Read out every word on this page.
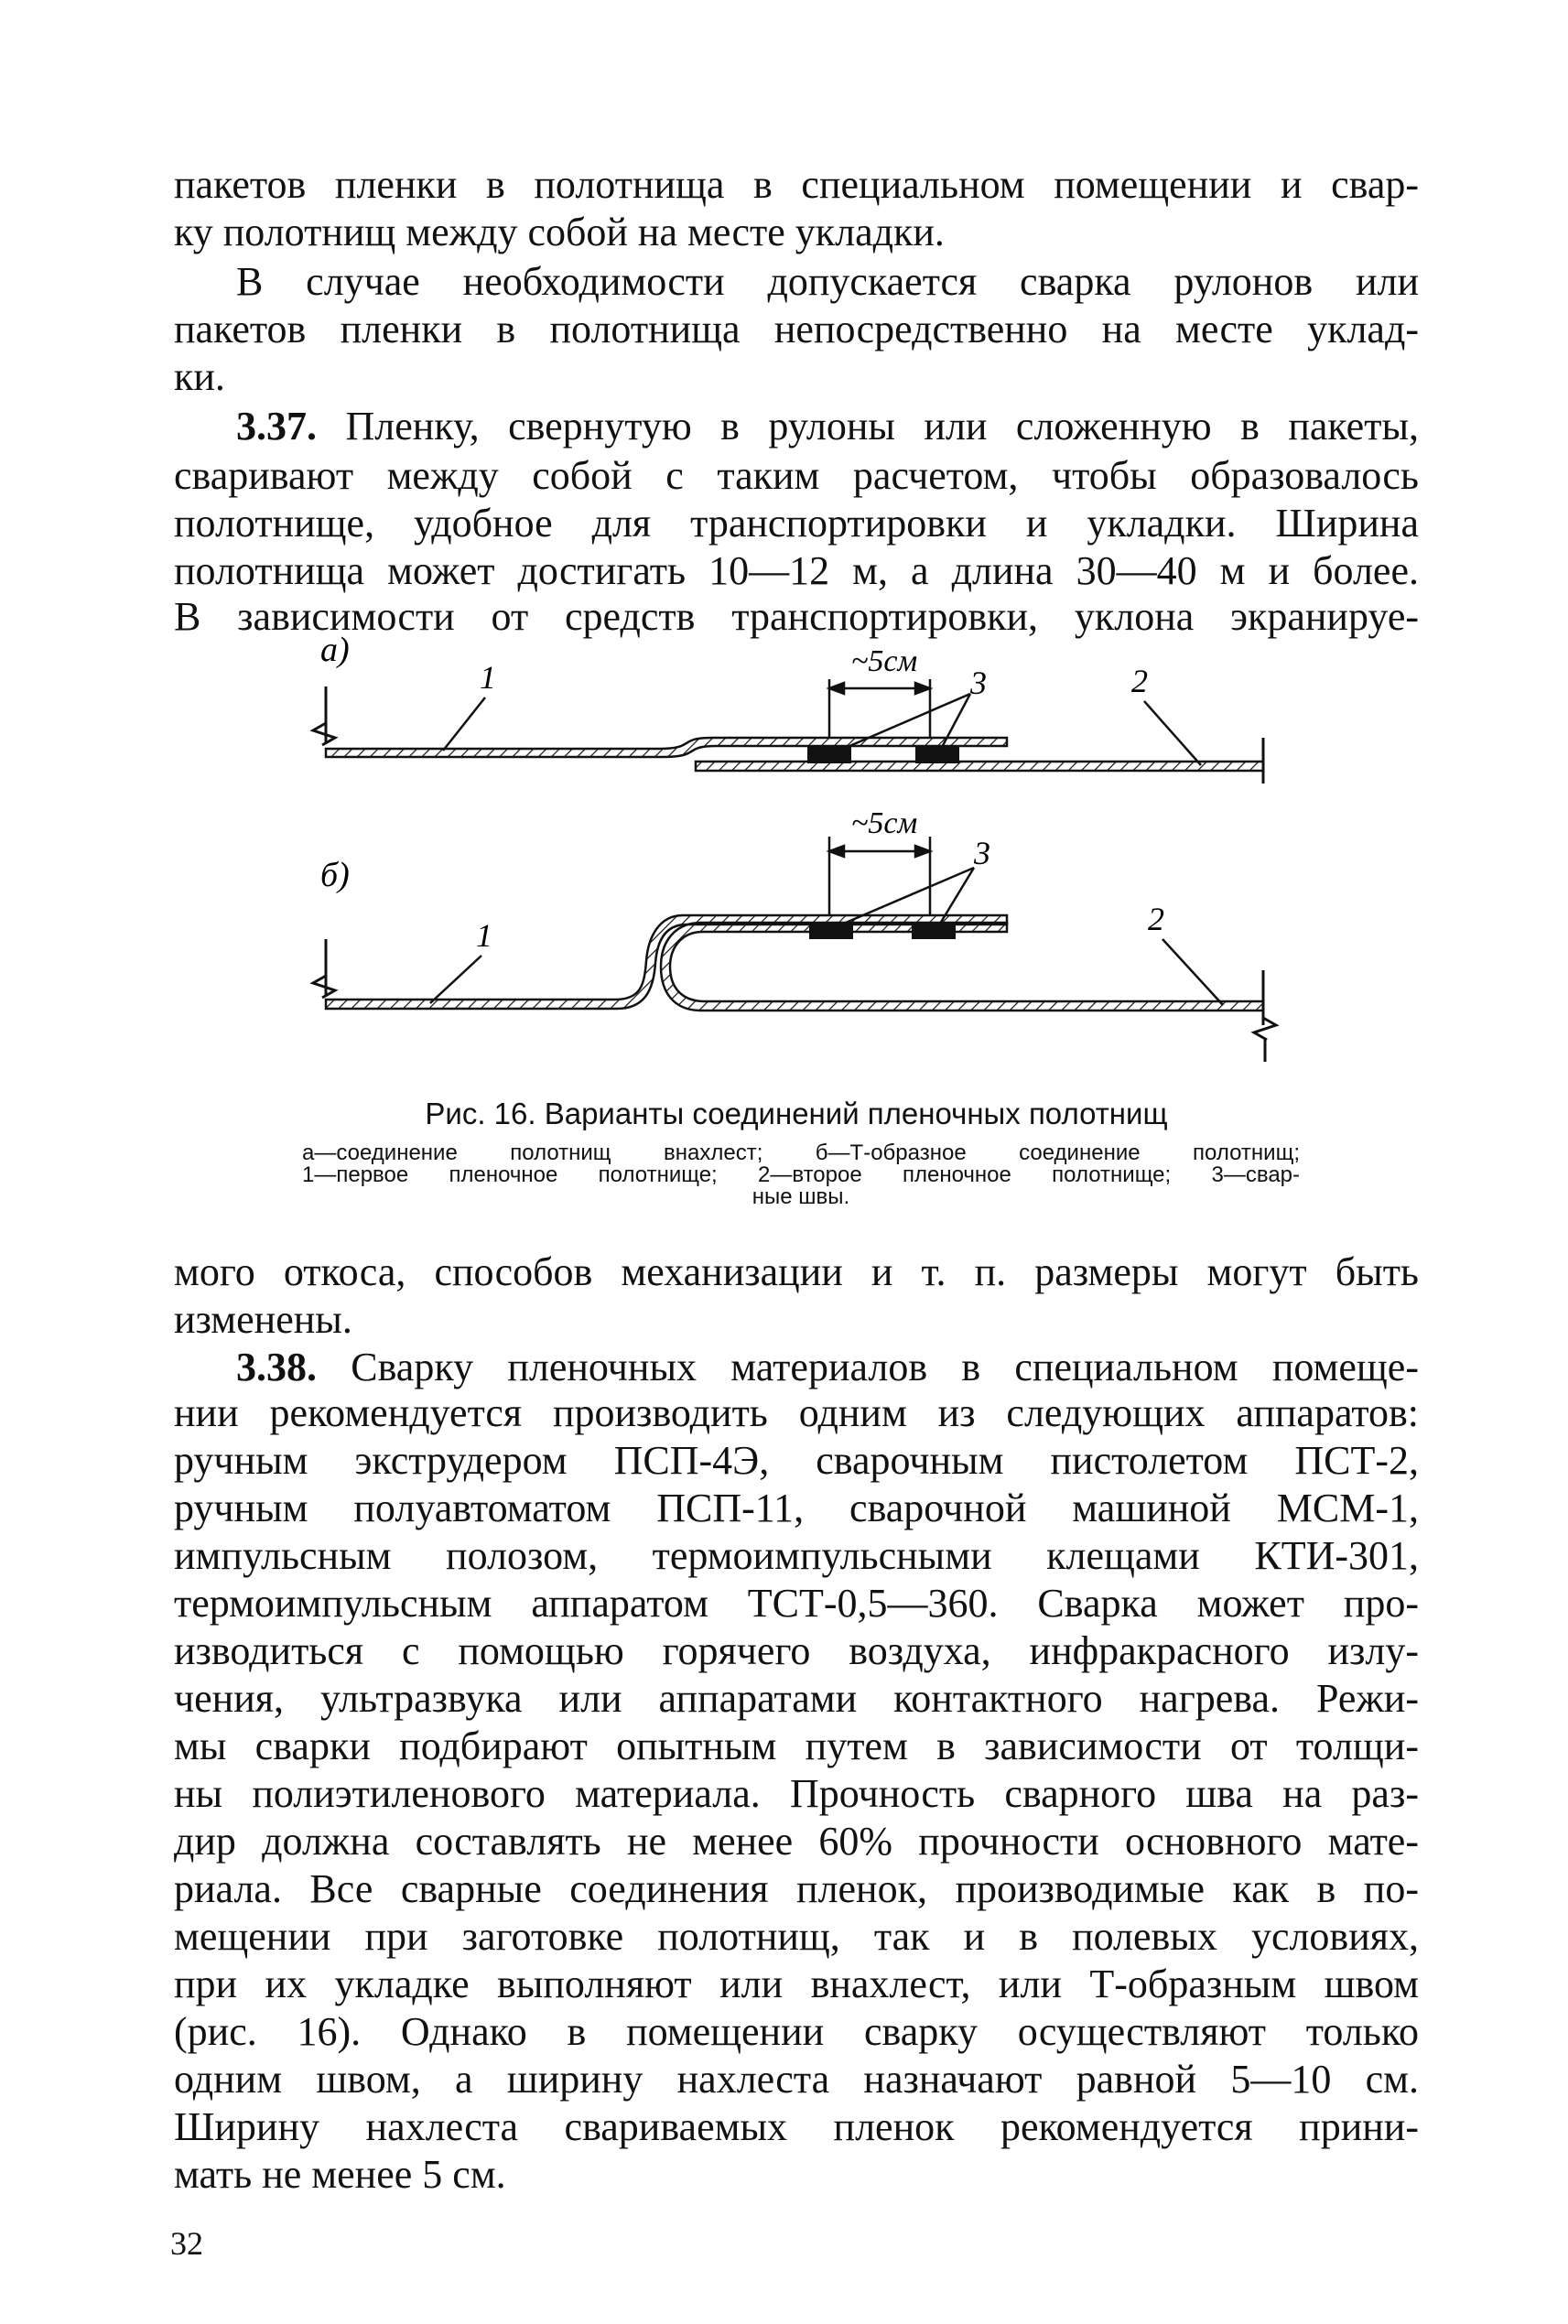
пакетов пленки в полотнища в специальном помещении и свар-
ку полотнищ между собой на месте укладки.
В случае необходимости допускается сварка рулонов или
пакетов пленки в полотнища непосредственно на месте уклад-
ки.
3.37. Пленку, свернутую в рулоны или сложенную в пакеты,
сваривают между собой с таким расчетом, чтобы образовалось
полотнище, удобное для транспортировки и укладки. Ширина
полотнища может достигать 10—12 м, а длина 30—40 м и более.
В зависимости от средств транспортировки, уклона экранируе-
а)	~5см
1	3	2
б)
~5см
1
3
2
Рис. 16. Варианты соединений пленочных полотнищ
а—соединение полотнищ внахлест; б—Т-образное соединение полотнищ;
1—первое пленочное полотнище; 2—второе пленочное полотнище; 3—свар-
ные швы.
мого откоса, способов механизации и т. п. размеры могут быть
изменены.
3.38. Сварку пленочных материалов в специальном помеще-
нии рекомендуется производить одним из следующих аппаратов:
ручным экструдером ПСП-4Э, сварочным пистолетом ПСТ-2,
ручным полуавтоматом ПСП-11, сварочной машиной МСМ-1,
импульсным полозом, термоимпульсными клещами КТИ-301,
термоимпульсным аппаратом ТСТ-0,5—360. Сварка может про-
изводиться с помощью горячего воздуха, инфракрасного излу-
чения, ультразвука или аппаратами контактного нагрева. Режи-
мы сварки подбирают опытным путем в зависимости от толщи-
ны полиэтиленового материала. Прочность сварного шва на раз-
дир должна составлять не менее 60% прочности основного мате-
риала. Все сварные соединения пленок, производимые как в по-
мещении при заготовке полотнищ, так и в полевых условиях,
при их укладке выполняют или внахлест, или Т-образным швом
(рис. 16). Однако в помещении сварку осуществляют только
одним швом, а ширину нахлеста назначают равной 5—10 см.
Ширину нахлеста свариваемых пленок рекомендуется прини-
мать не менее 5 см.
32
